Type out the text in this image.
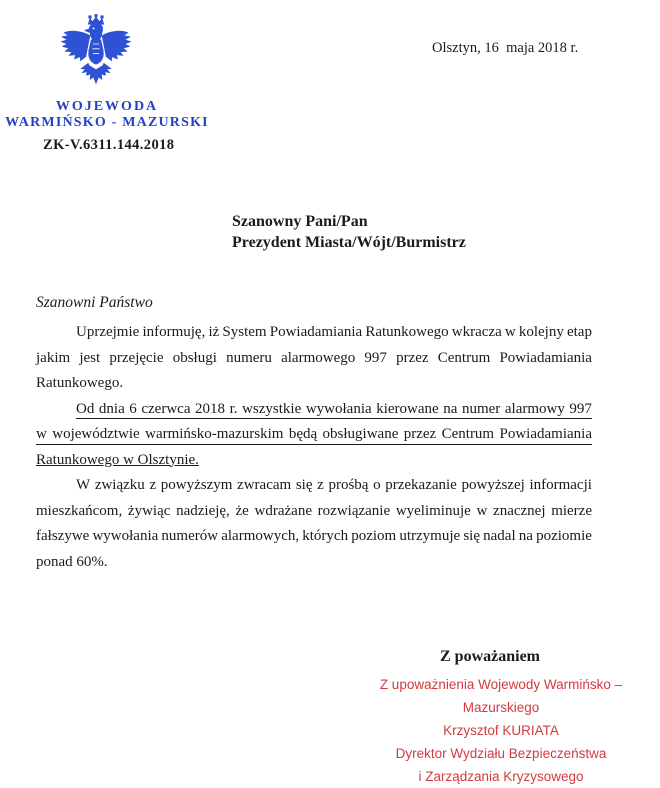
WOJEWODA
WARMIŃSKO - MAZURSKI
ZK-V.6311.144.2018
Olsztyn, 16  maja 2018 r.
Szanowny Pani/Pan
Prezydent Miasta/Wójt/Burmistrz
Szanowni Państwo
Uprzejmie informuję, iż System Powiadamiania Ratunkowego wkracza w kolejny etap
jakim jest przejęcie obsługi numeru alarmowego 997 przez Centrum Powiadamiania
Ratunkowego.
Od dnia 6 czerwca 2018 r. wszystkie wywołania kierowane na numer alarmowy 997
w województwie warmińsko-mazurskim będą obsługiwane przez Centrum Powiadamiania
Ratunkowego w Olsztynie.
W związku z powyższym zwracam się z prośbą o przekazanie powyższej informacji
mieszkańcom, żywiąc nadzieję, że wdrażane rozwiązanie wyeliminuje w znacznej mierze
fałszywe wywołania numerów alarmowych, których poziom utrzymuje się nadal na poziomie
ponad 60%.
Z poważaniem
Z upoważnienia Wojewody Warmińsko – Mazurskiego
Krzysztof KURIATA
Dyrektor Wydziału Bezpieczeństwa
i Zarządzania Kryzysowego
